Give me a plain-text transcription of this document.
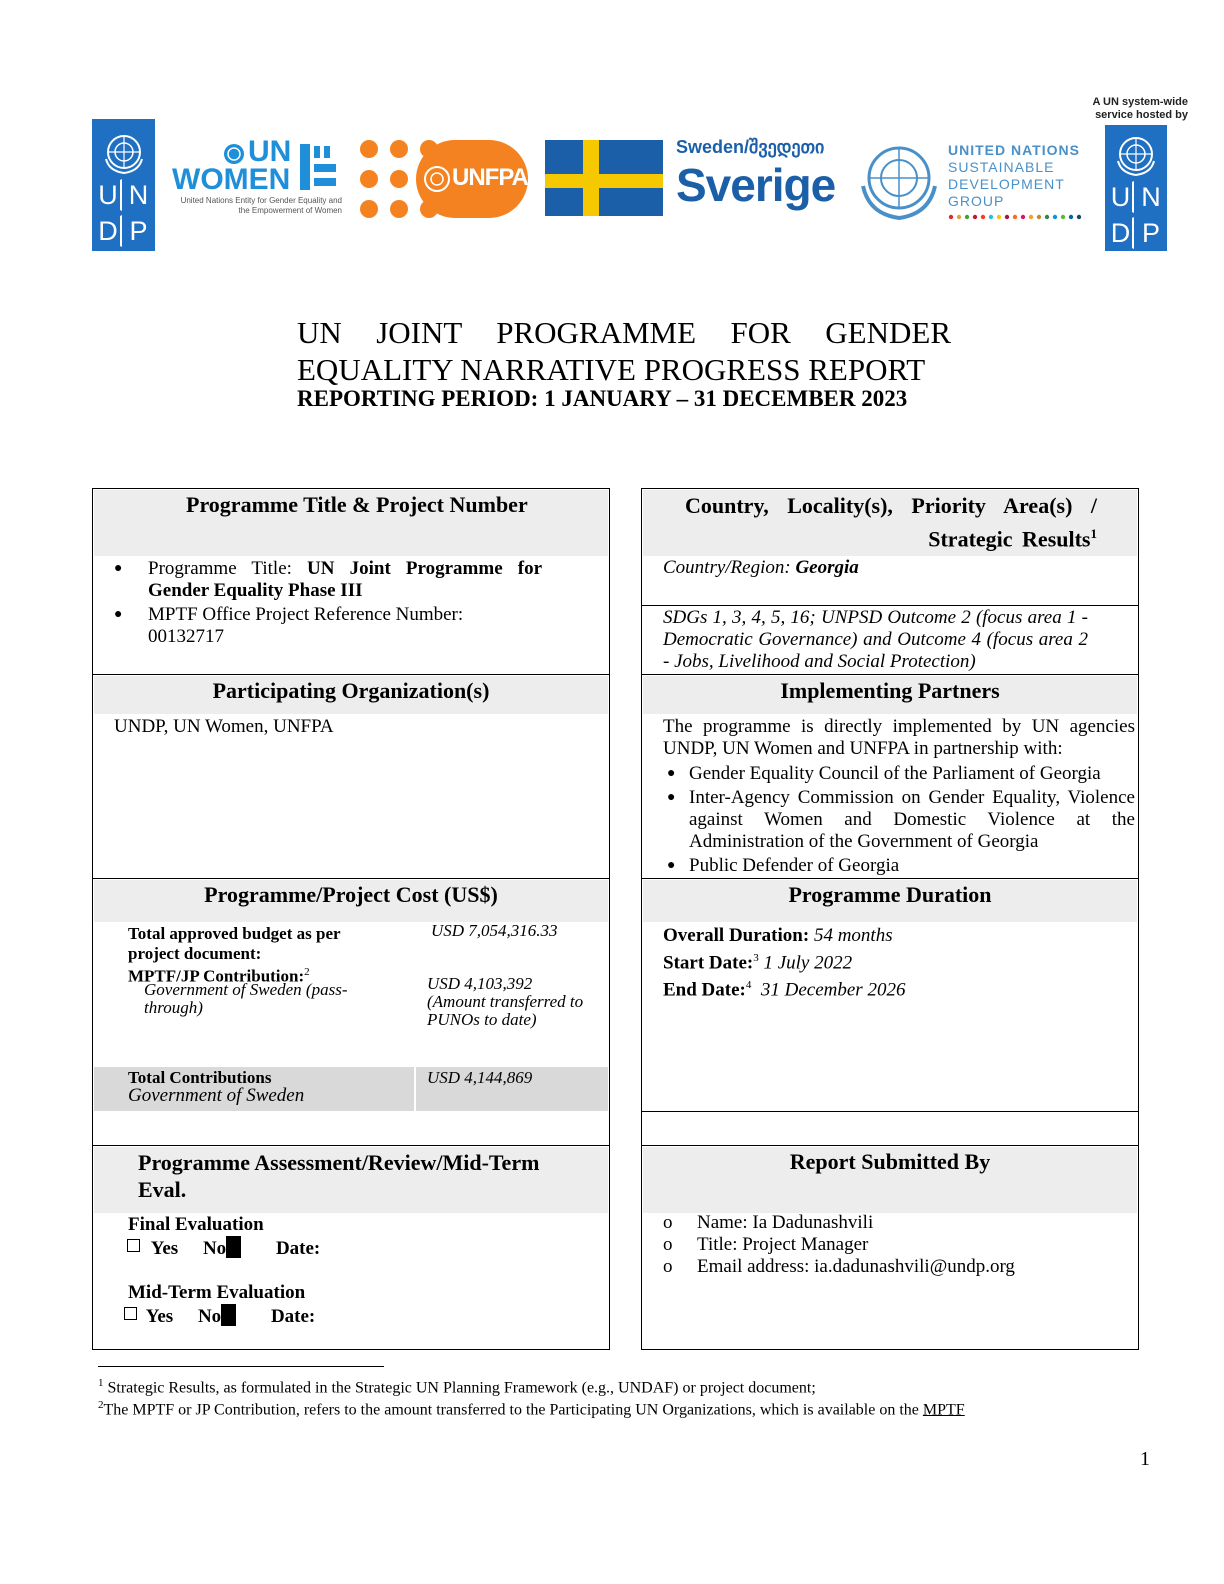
U N
D P
UN
WOMEN
United Nations Entity for Gender Equality and the Empowerment of Women
UNFPA
Sweden/შვედეთი
Sverige
UNITED NATIONS
SUSTAINABLE
DEVELOPMENT
GROUP
A UN system-wide service hosted by
U N
D P
UN JOINT PROGRAMME FOR GENDER
EQUALITY NARRATIVE PROGRESS REPORT
REPORTING PERIOD: 1 JANUARY – 31 DECEMBER 2023
Programme Title & Project Number
● Programme Title: UN Joint Programme for Gender Equality Phase III
● MPTF Office Project Reference Number: 00132717
Participating Organization(s)
UNDP, UN Women, UNFPA
Programme/Project Cost (US$)
Total approved budget as per project document:
USD 7,054,316.33
MPTF/JP Contribution:$^2$
Government of Sweden (pass-through)
USD 4,103,392 (Amount transferred to PUNOs to date)
Total Contributions
Government of Sweden
USD 4,144,869
Programme Assessment/Review/Mid-Term Eval.
Final Evaluation
Yes No	Date:
Mid-Term Evaluation
Yes No	Date:
Country, Locality(s), Priority Area(s) / Strategic Results$^1$
Country/Region: Georgia
SDGs 1, 3, 4, 5, 16; UNPSD Outcome 2 (focus area 1 - Democratic Governance) and Outcome 4 (focus area 2 - Jobs, Livelihood and Social Protection)
Implementing Partners
The programme is directly implemented by UN agencies UNDP, UN Women and UNFPA in partnership with:
● Gender Equality Council of the Parliament of Georgia
● Inter-Agency Commission on Gender Equality, Violence against Women and Domestic Violence at the Administration of the Government of Georgia
● Public Defender of Georgia
Programme Duration
Overall Duration: 54 months
Start Date:$^3$ 1 July 2022
End Date:$^4$ 31 December 2026
Report Submitted By
o Name: Ia Dadunashvili
o Title: Project Manager
o Email address: ia.dadunashvili@undp.org
$^1$ Strategic Results, as formulated in the Strategic UN Planning Framework (e.g., UNDAF) or project document;
$^2$The MPTF or JP Contribution, refers to the amount transferred to the Participating UN Organizations, which is available on the MPTF
1
